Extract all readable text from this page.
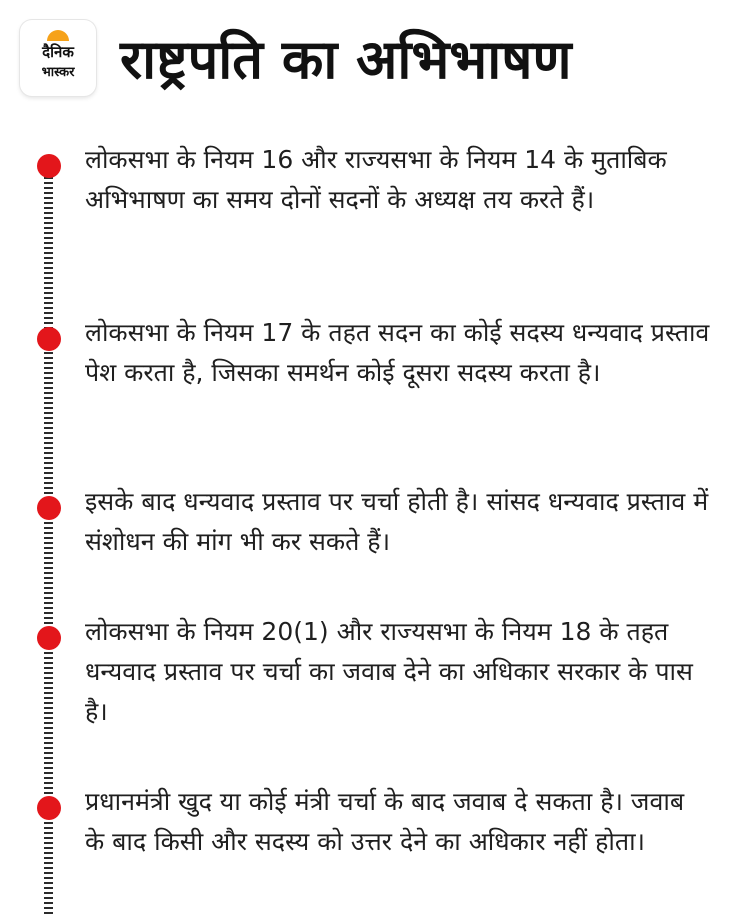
दैनिक
भास्कर राष्ट्रपति का अभिभाषण

लोकसभा के नियम 16 और राज्यसभा के नियम 14 के मुताबिक अभिभाषण का समय दोनों सदनों के अध्यक्ष तय करते हैं।

लोकसभा के नियम 17 के तहत सदन का कोई सदस्य धन्यवाद प्रस्ताव पेश करता है, जिसका समर्थन कोई दूसरा सदस्य करता है।

इसके बाद धन्यवाद प्रस्ताव पर चर्चा होती है। सांसद धन्यवाद प्रस्ताव में संशोधन की मांग भी कर सकते हैं।

लोकसभा के नियम 20(1) और राज्यसभा के नियम 18 के तहत धन्यवाद प्रस्ताव पर चर्चा का जवाब देने का अधिकार सरकार के पास है।

प्रधानमंत्री खुद या कोई मंत्री चर्चा के बाद जवाब दे सकता है। जवाब के बाद किसी और सदस्य को उत्तर देने का अधिकार नहीं होता।
